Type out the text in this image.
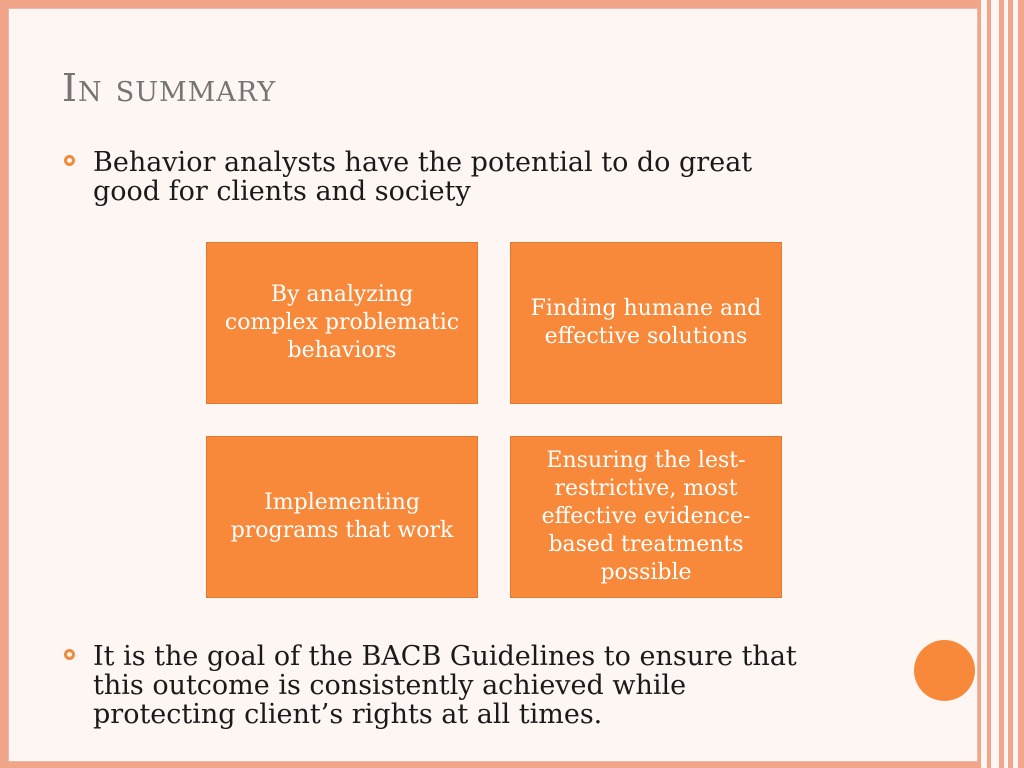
In summary
Behavior analysts have the potential to do great good for clients and society
By analyzing complex problematic behaviors
Finding humane and effective solutions
Implementing programs that work
Ensuring the lest-restrictive, most effective evidence-based treatments possible
It is the goal of the BACB Guidelines to ensure that this outcome is consistently achieved while protecting client’s rights at all times.
